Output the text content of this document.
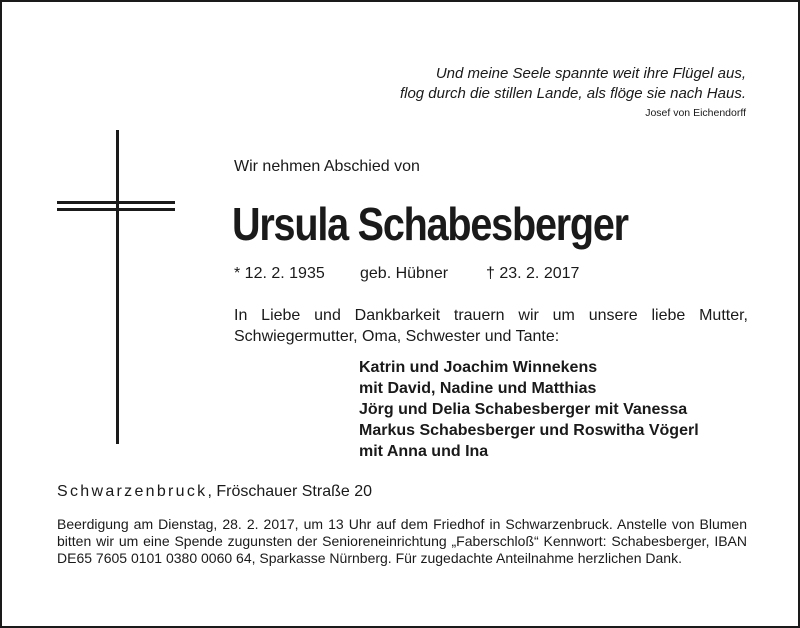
Und meine Seele spannte weit ihre Flügel aus,
flog durch die stillen Lande, als flöge sie nach Haus.
Josef von Eichendorff
Wir nehmen Abschied von
Ursula Schabesberger
* 12. 2. 1935 geb. Hübner † 23. 2. 2017
In Liebe und Dankbarkeit trauern wir um unsere liebe Mutter, Schwiegermutter, Oma, Schwester und Tante:
Katrin und Joachim Winnekens
mit David, Nadine und Matthias
Jörg und Delia Schabesberger mit Vanessa
Markus Schabesberger und Roswitha Vögerl
mit Anna und Ina
Schwarzenbruck, Fröschauer Straße 20
Beerdigung am Dienstag, 28. 2. 2017, um 13 Uhr auf dem Friedhof in Schwarzenbruck. Anstelle von Blumen bitten wir um eine Spende zugunsten der Senioreneinrichtung „Faberschloß“ Kennwort: Schabesberger, IBAN DE65 7605 0101 0380 0060 64, Sparkasse Nürnberg. Für zugedachte Anteilnahme herzlichen Dank.
